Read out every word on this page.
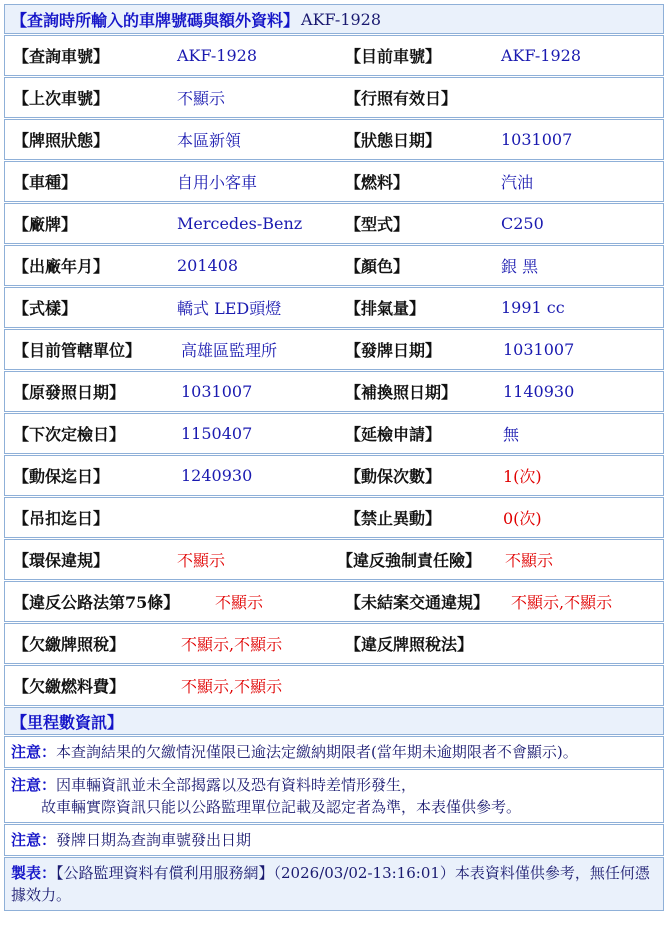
【查詢時所輸入的車牌號碼與額外資料】 AKF-1928
【查詢車號】	AKF-1928	【目前車號】	AKF-1928
【上次車號】	不顯示	【行照有效日】
【牌照狀態】	本區新領	【狀態日期】	1031007
【車種】	自用小客車	【燃料】	汽油
【廠牌】	Mercedes-Benz	【型式】	C250
【出廠年月】	201408	【顏色】	銀 黑
【式樣】	轎式 LED頭燈	【排氣量】	1991 cc
【目前管轄單位】 高雄區監理所	【發牌日期】	1031007
【原發照日期】	1031007	【補換照日期】	1140930
【下次定檢日】	1150407	【延檢申請】	無
【動保迄日】	1240930	【動保次數】	1(次)
【吊扣迄日】	【禁止異動】	0(次)
【環保違規】	不顯示	【違反強制責任險】 不顯示
【違反公路法第75條】 不顯示	【未結案交通違規】 不顯示,不顯示
【欠繳牌照稅】	不顯示,不顯示	【違反牌照稅法】
【欠繳燃料費】	不顯示,不顯示
【里程數資訊】
注意：本查詢結果的欠繳情況僅限已逾法定繳納期限者(當年期未逾期限者不會顯示)。
注意：因車輛資訊並未全部揭露以及恐有資料時差情形發生，
故車輛實際資訊只能以公路監理單位記載及認定者為準，本表僅供參考。
注意：發牌日期為查詢車號發出日期
製表：【公路監理資料有償利用服務網】（2026/03/02-13:16:01）本表資料僅供參考，無任何憑據效力。
